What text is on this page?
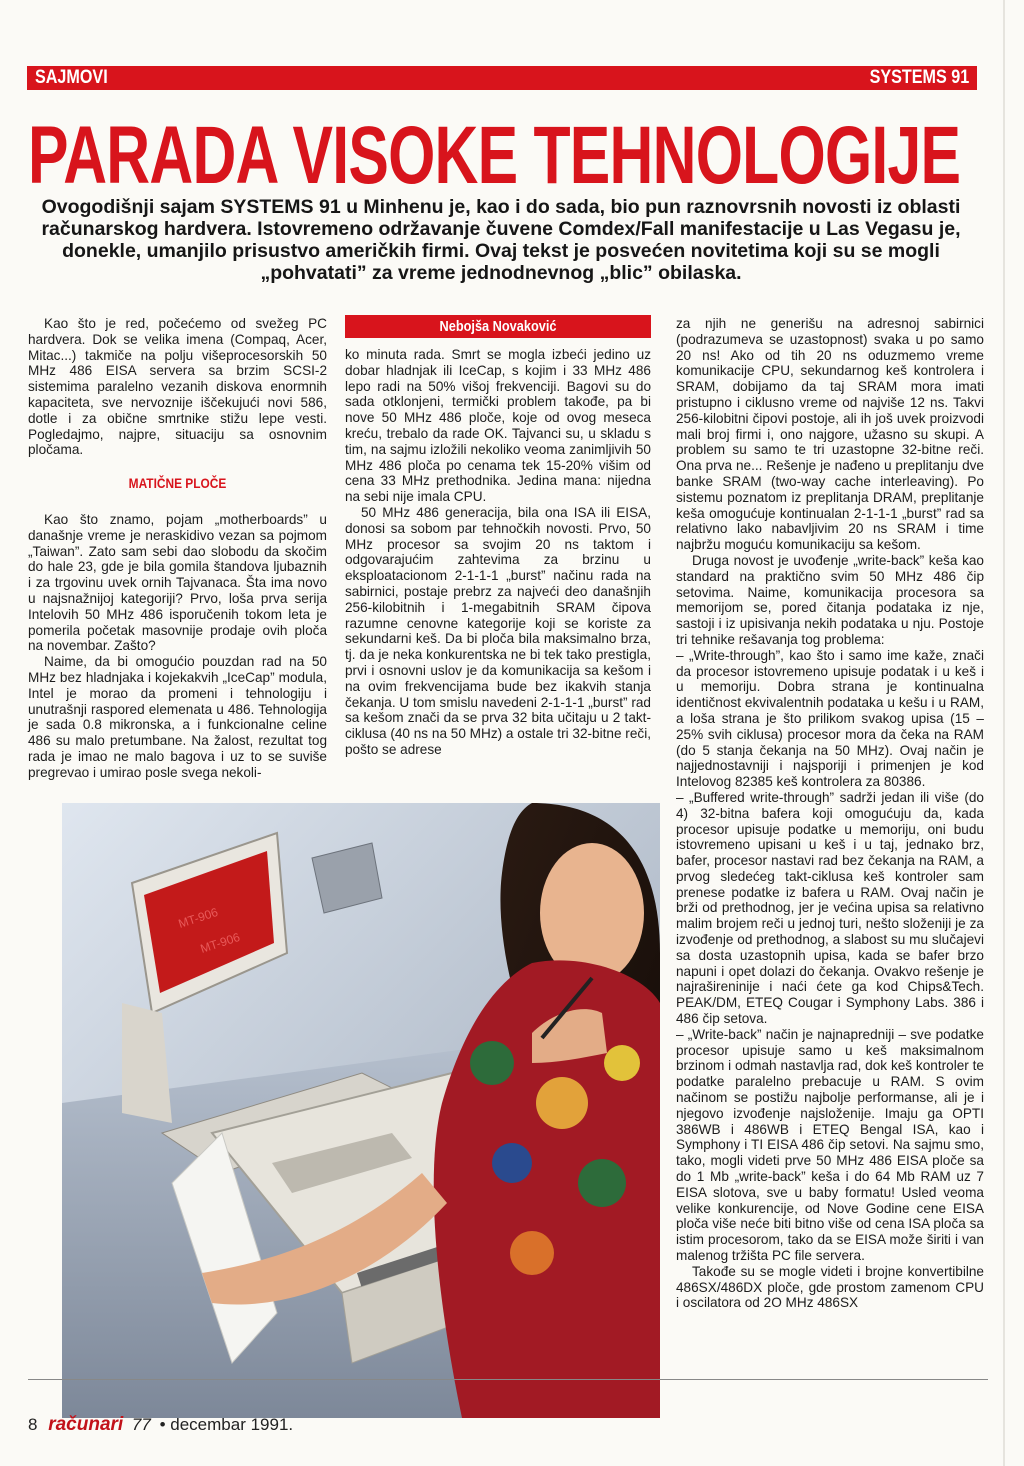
SAJMOVI	SYSTEMS 91
PARADA VISOKE TEHNOLOGIJE
Ovogodišnji sajam SYSTEMS 91 u Minhenu je, kao i do sada, bio pun raznovrsnih novosti iz oblasti računarskog hardvera. Istovremeno održavanje čuvene Comdex/Fall manifestacije u Las Vegasu je, donekle, umanjilo prisustvo američkih firmi. Ovaj tekst je posvećen novitetima koji su se mogli „pohvatati” za vreme jednodnevnog „blic” obilaska.

Kao što je red, počećemo od svežeg PC hardvera. Dok se velika imena (Compaq, Acer, Mitac...) takmiče na polju višeprocesorskih 50 MHz 486 EISA servera sa brzim SCSI-2 sistemima paralelno vezanih diskova enormnih kapaciteta, sve nervoznije iščekujući novi 586, dotle i za obične smrtnike stižu lepe vesti. Pogledajmo, najpre, situaciju sa osnovnim pločama.

MATIČNE PLOČE

Kao što znamo, pojam „motherboards” u današnje vreme je neraskidivo vezan sa pojmom „Taiwan”. Zato sam sebi dao slobodu da skočim do hale 23, gde je bila gomila štandova ljubaznih i za trgovinu uvek ornih Tajvanaca. Šta ima novo u najsnažnijoj kategoriji? Prvo, loša prva serija Intelovih 50 MHz 486 isporučenih tokom leta je pomerila početak masovnije prodaje ovih ploča na novembar. Zašto?

Naime, da bi omogućio pouzdan rad na 50 MHz bez hladnjaka i kojekakvih „IceCap” modula, Intel je morao da promeni i tehnologiju i unutrašnji raspored elemenata u 486. Tehnologija je sada 0.8 mikronska, a i funkcionalne celine 486 su malo pretumbane. Na žalost, rezultat tog rada je imao ne malo bagova i uz to se suviše pregrevao i umirao posle svega nekoli-

Nebojša Novaković

ko minuta rada. Smrt se mogla izbeći jedino uz dobar hladnjak ili IceCap, s kojim i 33 MHz 486 lepo radi na 50% višoj frekvenciji. Bagovi su do sada otklonjeni, termički problem takođe, pa bi nove 50 MHz 486 ploče, koje od ovog meseca kreću, trebalo da rade OK. Tajvanci su, u skladu s tim, na sajmu izložili nekoliko veoma zanimljivih 50 MHz 486 ploča po cenama tek 15-20% višim od cena 33 MHz prethodnika. Jedina mana: nijedna na sebi nije imala CPU.

50 MHz 486 generacija, bila ona ISA ili EISA, donosi sa sobom par tehnočkih novosti. Prvo, 50 MHz procesor sa svojim 20 ns taktom i odgovarajućim zahtevima za brzinu u eksploatacionom 2-1-1-1 „burst” načinu rada na sabirnici, postaje prebrz za najveći deo današnjih 256-kilobitnih i 1-megabitnih SRAM čipova razumne cenovne kategorije koji se koriste za sekundarni keš. Da bi ploča bila maksimalno brza, tj. da je neka konkurentska ne bi tek tako prestigla, prvi i osnovni uslov je da komunikacija sa kešom i na ovim frekvencijama bude bez ikakvih stanja čekanja. U tom smislu navedeni 2-1-1-1 „burst” rad sa kešom znači da se prva 32 bita učitaju u 2 takt-ciklusa (40 ns na 50 MHz) a ostale tri 32-bitne reči, pošto se adrese

za njih ne generišu na adresnoj sabirnici (podrazumeva se uzastopnost) svaka u po samo 20 ns! Ako od tih 20 ns oduzmemo vreme komunikacije CPU, sekundarnog keš kontrolera i SRAM, dobijamo da taj SRAM mora imati pristupno i ciklusno vreme od najviše 12 ns. Takvi 256-kilobitni čipovi postoje, ali ih još uvek proizvodi mali broj firmi i, ono najgore, užasno su skupi. A problem su samo te tri uzastopne 32-bitne reči. Ona prva ne... Rešenje je nađeno u preplitanju dve banke SRAM (two-way cache interleaving). Po sistemu poznatom iz preplitanja DRAM, preplitanje keša omogućuje kontinualan 2-1-1-1 „burst” rad sa relativno lako nabavljivim 20 ns SRAM i time najbržu moguću komunikaciju sa kešom.

Druga novost je uvođenje „write-back” keša kao standard na praktično svim 50 MHz 486 čip setovima. Naime, komunikacija procesora sa memorijom se, pored čitanja podataka iz nje, sastoji i iz upisivanja nekih podataka u nju. Postoje tri tehnike rešavanja tog problema:

– „Write-through”, kao što i samo ime kaže, znači da procesor istovremeno upisuje podatak i u keš i u memoriju. Dobra strana je kontinualna identičnost ekvivalentnih podataka u kešu i u RAM, a loša strana je što prilikom svakog upisa (15 – 25% svih ciklusa) procesor mora da čeka na RAM (do 5 stanja čekanja na 50 MHz). Ovaj način je najjednostavniji i najsporiji i primenjen je kod Intelovog 82385 keš kontrolera za 80386.

– „Buffered write-through” sadrži jedan ili više (do 4) 32-bitna bafera koji omogućuju da, kada procesor upisuje podatke u memoriju, oni budu istovremeno upisani u keš i u taj, jednako brz, bafer, procesor nastavi rad bez čekanja na RAM, a prvog sledećeg takt-ciklusa keš kontroler sam prenese podatke iz bafera u RAM. Ovaj način je brži od prethodnog, jer je većina upisa sa relativno malim brojem reči u jednoj turi, nešto složeniji je za izvođenje od prethodnog, a slabost su mu slučajevi sa dosta uzastopnih upisa, kada se bafer brzo napuni i opet dolazi do čekanja. Ovakvo rešenje je najrašireninije i naći ćete ga kod Chips&Tech. PEAK/DM, ETEQ Cougar i Symphony Labs. 386 i 486 čip setova.

– „Write-back” način je najnapredniji – sve podatke procesor upisuje samo u keš maksimalnom brzinom i odmah nastavlja rad, dok keš kontroler te podatke paralelno prebacuje u RAM. S ovim načinom se postižu najbolje performanse, ali je i njegovo izvođenje najsloženije. Imaju ga OPTI 386WB i 486WB i ETEQ Bengal ISA, kao i Symphony i TI EISA 486 čip setovi. Na sajmu smo, tako, mogli videti prve 50 MHz 486 EISA ploče sa do 1 Mb „write-back” keša i do 64 Mb RAM uz 7 EISA slotova, sve u baby formatu! Usled veoma velike konkurencije, od Nove Godine cene EISA ploča više neće biti bitno više od cena ISA ploča sa istim procesorom, tako da se EISA može širiti i van malenog tržišta PC file servera.

Takođe su se mogle videti i brojne konvertibilne 486SX/486DX ploče, gde prostom zamenom CPU i oscilatora od 2O MHz 486SX

MT-906
MT-906
8 računari 77 • decembar 1991.
